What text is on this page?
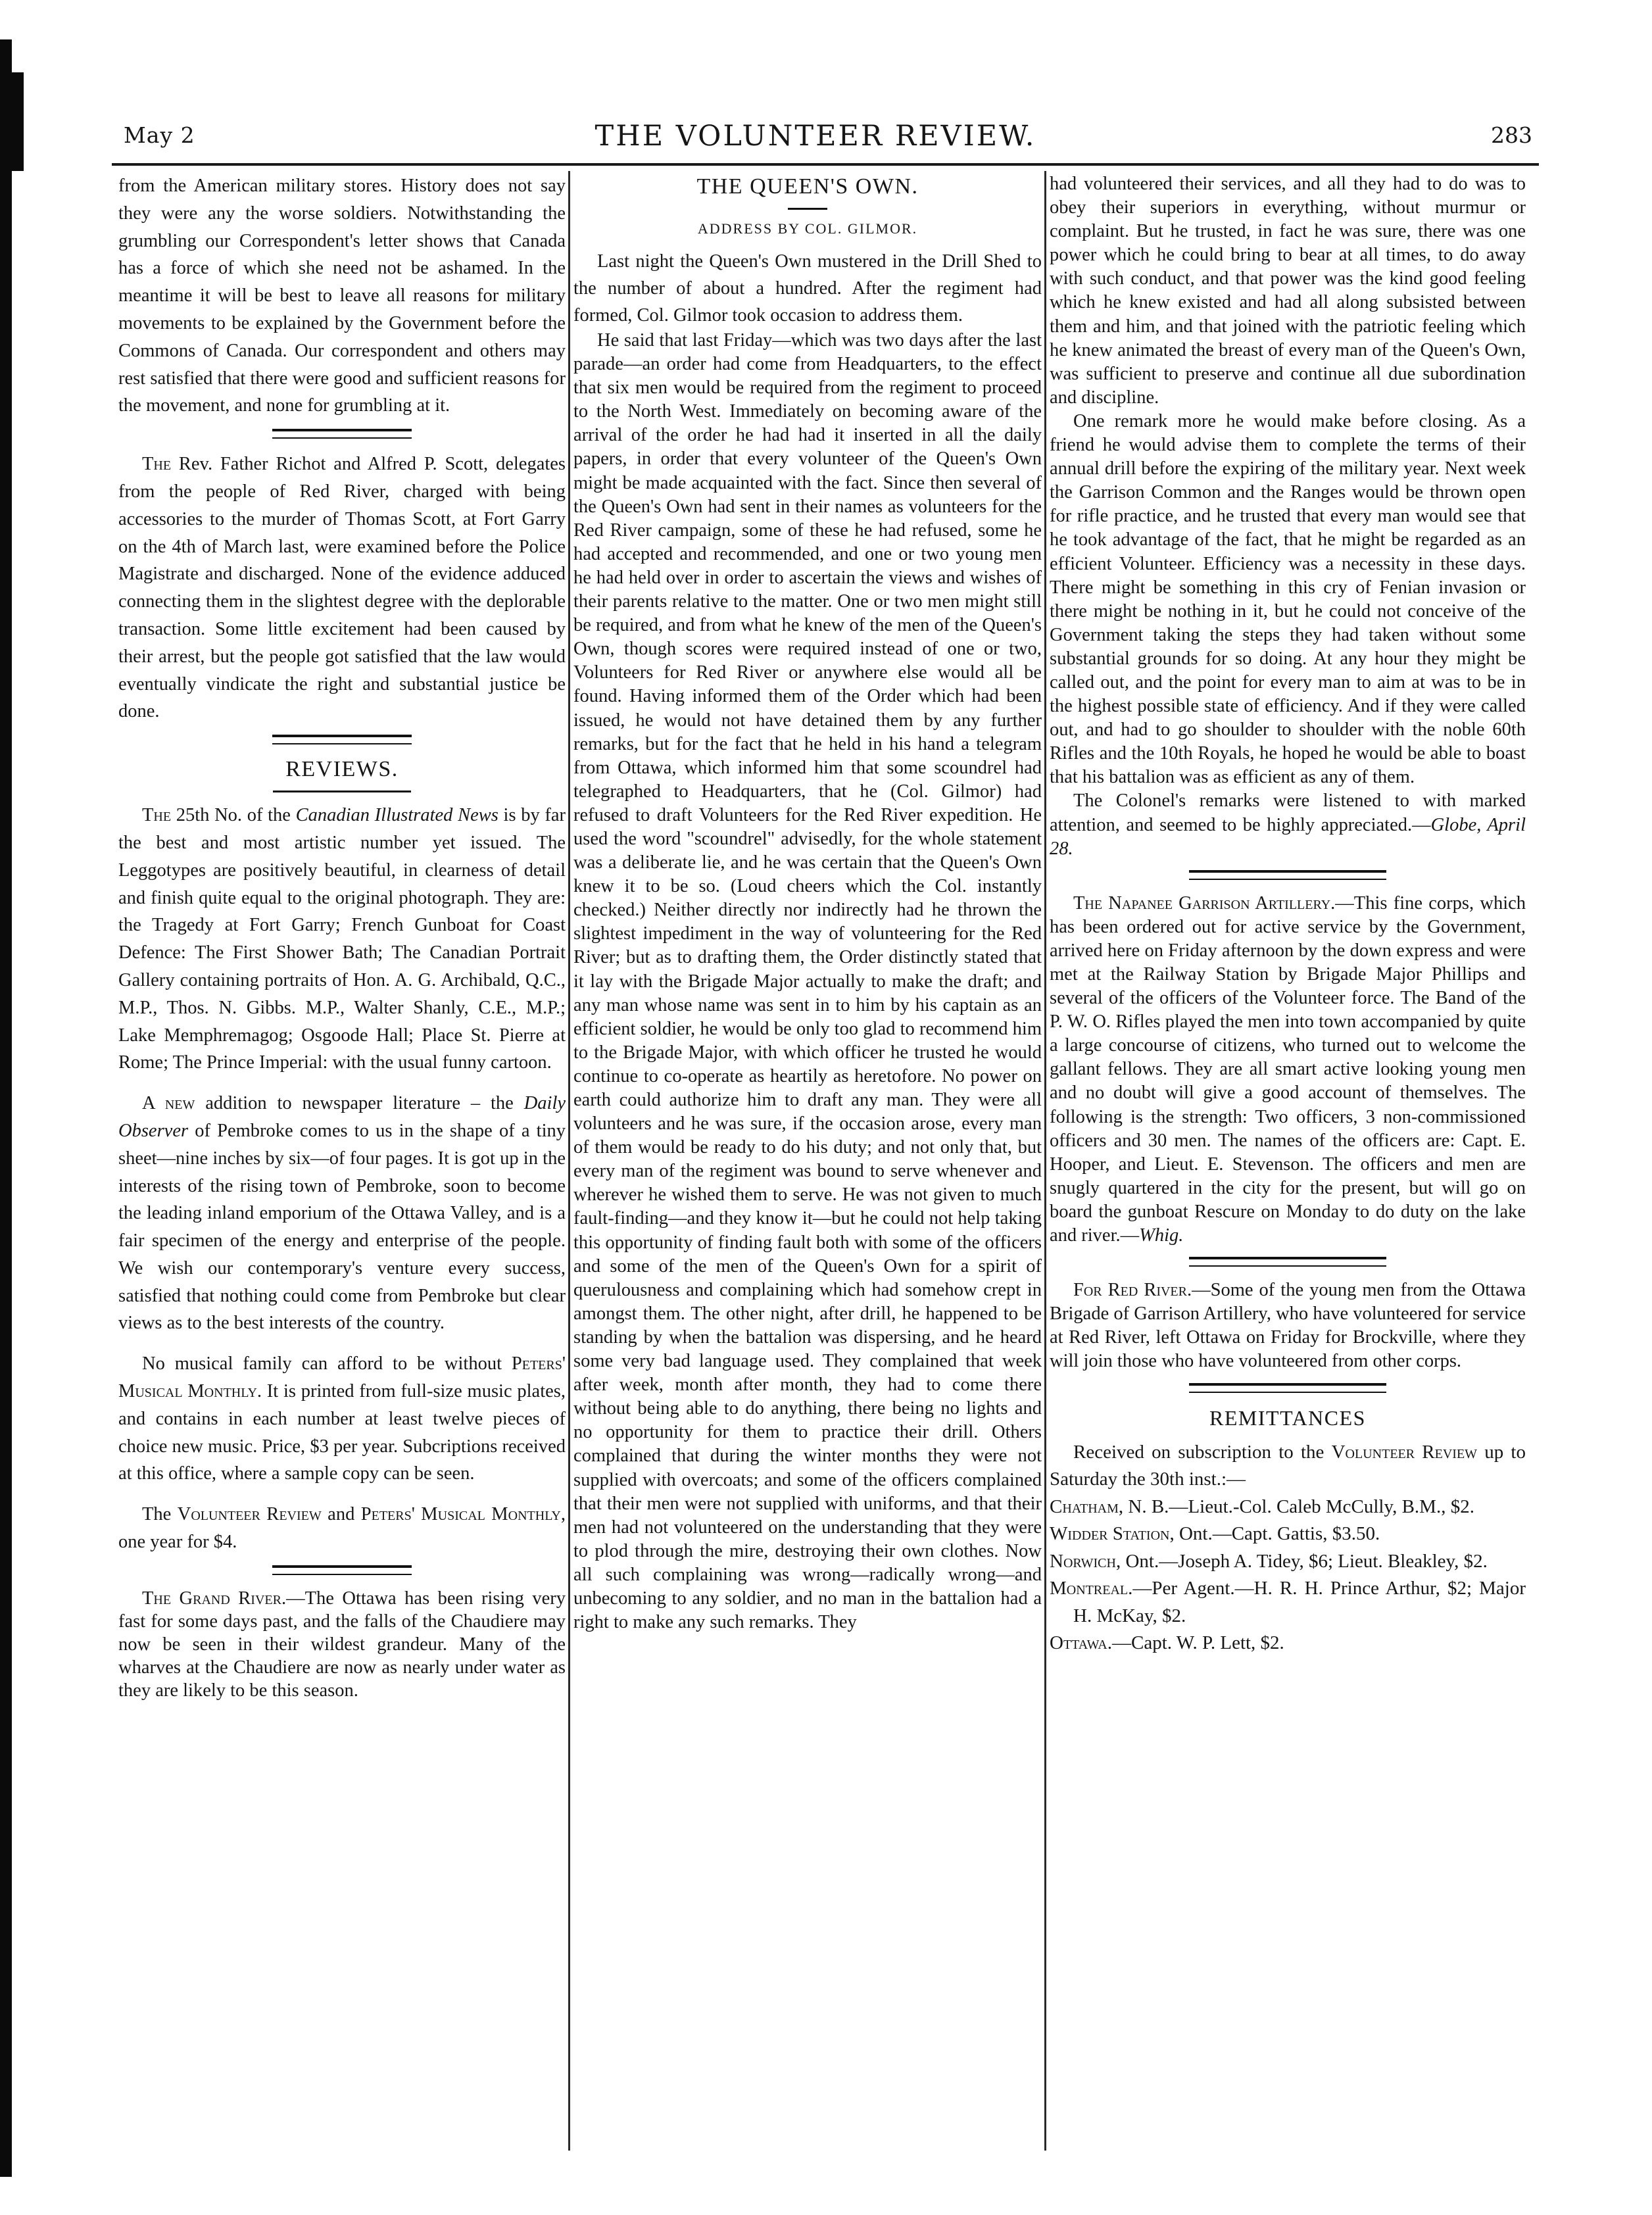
May 2	THE VOLUNTEER REVIEW.	283

from the American military stores. History does not say they were any the worse soldiers. Notwithstanding the grumbling our Correspondent's letter shows that Canada has a force of which she need not be ashamed. In the meantime it will be best to leave all reasons for military movements to be explained by the Government before the Commons of Canada. Our correspondent and others may rest satisfied that there were good and sufficient reasons for the movement, and none for grumbling at it.

The Rev. Father Richot and Alfred P. Scott, delegates from the people of Red River, charged with being accessories to the murder of Thomas Scott, at Fort Garry on the 4th of March last, were examined before the Police Magistrate and discharged. None of the evidence adduced connecting them in the slightest degree with the deplorable transaction. Some little excitement had been caused by their arrest, but the people got satisfied that the law would eventually vindicate the right and substantial justice be done.

REVIEWS.

The 25th No. of the Canadian Illustrated News is by far the best and most artistic number yet issued. The Leggotypes are positively beautiful, in clearness of detail and finish quite equal to the original photograph. They are: the Tragedy at Fort Garry; French Gunboat for Coast Defence: The First Shower Bath; The Canadian Portrait Gallery containing portraits of Hon. A. G. Archibald, Q.C., M.P., Thos. N. Gibbs. M.P., Walter Shanly, C.E., M.P.; Lake Memphremagog; Osgoode Hall; Place St. Pierre at Rome; The Prince Imperial: with the usual funny cartoon.

A new addition to newspaper literature – the Daily Observer of Pembroke comes to us in the shape of a tiny sheet—nine inches by six—of four pages. It is got up in the interests of the rising town of Pembroke, soon to become the leading inland emporium of the Ottawa Valley, and is a fair specimen of the energy and enterprise of the people. We wish our contemporary's venture every success, satisfied that nothing could come from Pembroke but clear views as to the best interests of the country.

No musical family can afford to be without Peters' Musical Monthly. It is printed from full-size music plates, and contains in each number at least twelve pieces of choice new music. Price, $3 per year. Subcriptions received at this office, where a sample copy can be seen.

The Volunteer Review and Peters' Musical Monthly, one year for $4.

The Grand River.—The Ottawa has been rising very fast for some days past, and the falls of the Chaudiere may now be seen in their wildest grandeur. Many of the wharves at the Chaudiere are now as nearly under water as they are likely to be this season.

THE QUEEN'S OWN.
ADDRESS BY COL. GILMOR.

Last night the Queen's Own mustered in the Drill Shed to the number of about a hundred. After the regiment had formed, Col. Gilmor took occasion to address them.

He said that last Friday—which was two days after the last parade—an order had come from Headquarters, to the effect that six men would be required from the regiment to proceed to the North West. Immediately on becoming aware of the arrival of the order he had had it inserted in all the daily papers, in order that every volunteer of the Queen's Own might be made acquainted with the fact. Since then several of the Queen's Own had sent in their names as volunteers for the Red River campaign, some of these he had refused, some he had accepted and recommended, and one or two young men he had held over in order to ascertain the views and wishes of their parents relative to the matter. One or two men might still be required, and from what he knew of the men of the Queen's Own, though scores were required instead of one or two, Volunteers for Red River or anywhere else would all be found. Having informed them of the Order which had been issued, he would not have detained them by any further remarks, but for the fact that he held in his hand a telegram from Ottawa, which informed him that some scoundrel had telegraphed to Headquarters, that he (Col. Gilmor) had refused to draft Volunteers for the Red River expedition. He used the word "scoundrel" advisedly, for the whole statement was a deliberate lie, and he was certain that the Queen's Own knew it to be so. (Loud cheers which the Col. instantly checked.) Neither directly nor indirectly had he thrown the slightest impediment in the way of volunteering for the Red River; but as to drafting them, the Order distinctly stated that it lay with the Brigade Major actually to make the draft; and any man whose name was sent in to him by his captain as an efficient soldier, he would be only too glad to recommend him to the Brigade Major, with which officer he trusted he would continue to co-operate as heartily as heretofore. No power on earth could authorize him to draft any man. They were all volunteers and he was sure, if the occasion arose, every man of them would be ready to do his duty; and not only that, but every man of the regiment was bound to serve whenever and wherever he wished them to serve. He was not given to much fault-finding—and they know it—but he could not help taking this opportunity of finding fault both with some of the officers and some of the men of the Queen's Own for a spirit of querulousness and complaining which had somehow crept in amongst them. The other night, after drill, he happened to be standing by when the battalion was dispersing, and he heard some very bad language used. They complained that week after week, month after month, they had to come there without being able to do anything, there being no lights and no opportunity for them to practice their drill. Others complained that during the winter months they were not supplied with overcoats; and some of the officers complained that their men were not supplied with uniforms, and that their men had not volunteered on the understanding that they were to plod through the mire, destroying their own clothes. Now all such complaining was wrong—radically wrong—and unbecoming to any soldier, and no man in the battalion had a right to make any such remarks. They

had volunteered their services, and all they had to do was to obey their superiors in everything, without murmur or complaint. But he trusted, in fact he was sure, there was one power which he could bring to bear at all times, to do away with such conduct, and that power was the kind good feeling which he knew existed and had all along subsisted between them and him, and that joined with the patriotic feeling which he knew animated the breast of every man of the Queen's Own, was sufficient to preserve and continue all due subordination and discipline.

One remark more he would make before closing. As a friend he would advise them to complete the terms of their annual drill before the expiring of the military year. Next week the Garrison Common and the Ranges would be thrown open for rifle practice, and he trusted that every man would see that he took advantage of the fact, that he might be regarded as an efficient Volunteer. Efficiency was a necessity in these days. There might be something in this cry of Fenian invasion or there might be nothing in it, but he could not conceive of the Government taking the steps they had taken without some substantial grounds for so doing. At any hour they might be called out, and the point for every man to aim at was to be in the highest possible state of efficiency. And if they were called out, and had to go shoulder to shoulder with the noble 60th Rifles and the 10th Royals, he hoped he would be able to boast that his battalion was as efficient as any of them.

The Colonel's remarks were listened to with marked attention, and seemed to be highly appreciated.—Globe, April 28.

The Napanee Garrison Artillery.—This fine corps, which has been ordered out for active service by the Government, arrived here on Friday afternoon by the down express and were met at the Railway Station by Brigade Major Phillips and several of the officers of the Volunteer force. The Band of the P. W. O. Rifles played the men into town accompanied by quite a large concourse of citizens, who turned out to welcome the gallant fellows. They are all smart active looking young men and no doubt will give a good account of themselves. The following is the strength: Two officers, 3 non-commissioned officers and 30 men. The names of the officers are: Capt. E. Hooper, and Lieut. E. Stevenson. The officers and men are snugly quartered in the city for the present, but will go on board the gunboat Rescure on Monday to do duty on the lake and river.—Whig.

For Red River.—Some of the young men from the Ottawa Brigade of Garrison Artillery, who have volunteered for service at Red River, left Ottawa on Friday for Brockville, where they will join those who have volunteered from other corps.

REMITTANCES

Received on subscription to the Volunteer Review up to Saturday the 30th inst.:—

Chatham, N. B.—Lieut.-Col. Caleb McCully, B.M., $2.

Widder Station, Ont.—Capt. Gattis, $3.50.

Norwich, Ont.—Joseph A. Tidey, $6; Lieut. Bleakley, $2.

Montreal.—Per Agent.—H. R. H. Prince Arthur, $2; Major H. McKay, $2.

Ottawa.—Capt. W. P. Lett, $2.
